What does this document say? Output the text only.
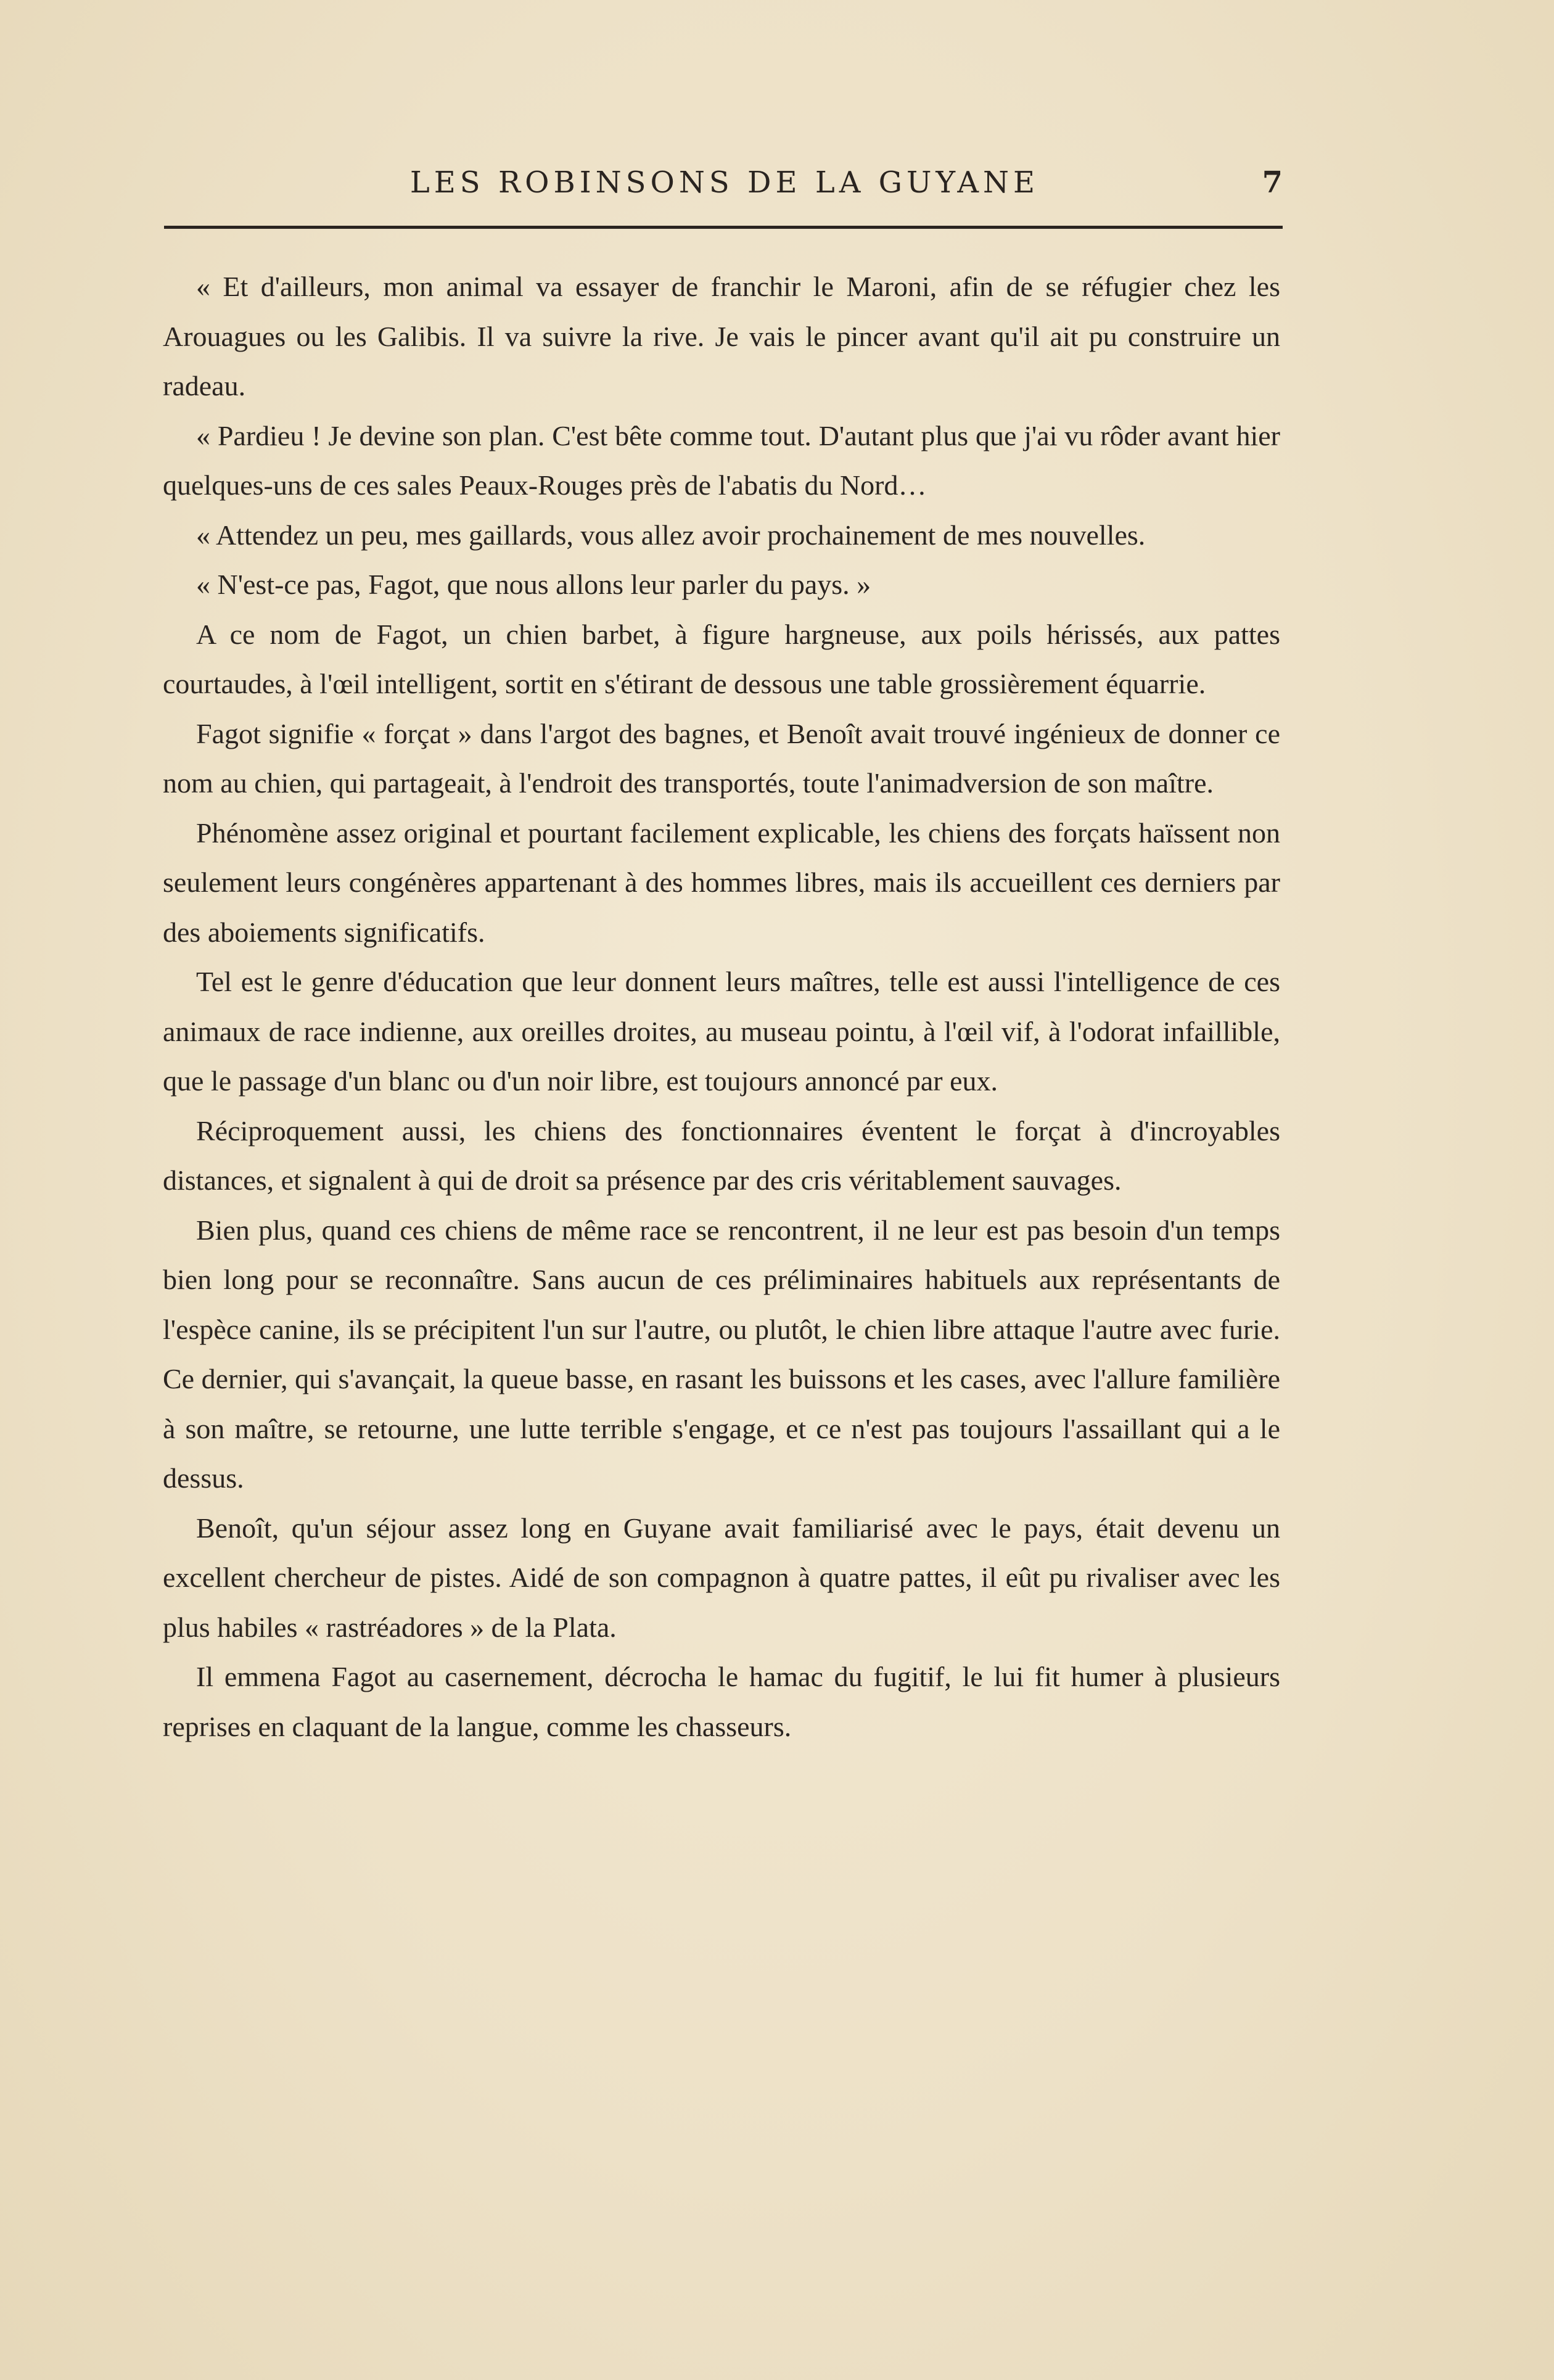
LES ROBINSONS DE LA GUYANE	7

« Et d'ailleurs, mon animal va essayer de franchir le Maroni, afin de se réfugier chez les Arouagues ou les Galibis. Il va suivre la rive. Je vais le pincer avant qu'il ait pu construire un radeau.

« Pardieu ! Je devine son plan. C'est bête comme tout. D'autant plus que j'ai vu rôder avant hier quelques-uns de ces sales Peaux-Rouges près de l'abatis du Nord…

« Attendez un peu, mes gaillards, vous allez avoir prochainement de mes nouvelles.

« N'est-ce pas, Fagot, que nous allons leur parler du pays. »

A ce nom de Fagot, un chien barbet, à figure hargneuse, aux poils hérissés, aux pattes courtaudes, à l'œil intelligent, sortit en s'étirant de dessous une table grossièrement équarrie.

Fagot signifie « forçat » dans l'argot des bagnes, et Benoît avait trouvé ingénieux de donner ce nom au chien, qui partageait, à l'endroit des transportés, toute l'animadversion de son maître.

Phénomène assez original et pourtant facilement explicable, les chiens des forçats haïssent non seulement leurs congénères appartenant à des hommes libres, mais ils accueillent ces derniers par des aboiements significatifs.

Tel est le genre d'éducation que leur donnent leurs maîtres, telle est aussi l'intelligence de ces animaux de race indienne, aux oreilles droites, au museau pointu, à l'œil vif, à l'odorat infaillible, que le passage d'un blanc ou d'un noir libre, est toujours annoncé par eux.

Réciproquement aussi, les chiens des fonctionnaires éventent le forçat à d'incroyables distances, et signalent à qui de droit sa présence par des cris véritablement sauvages.

Bien plus, quand ces chiens de même race se rencontrent, il ne leur est pas besoin d'un temps bien long pour se reconnaître. Sans aucun de ces préliminaires habituels aux représentants de l'espèce canine, ils se précipitent l'un sur l'autre, ou plutôt, le chien libre attaque l'autre avec furie. Ce dernier, qui s'avançait, la queue basse, en rasant les buissons et les cases, avec l'allure familière à son maître, se retourne, une lutte terrible s'engage, et ce n'est pas toujours l'assaillant qui a le dessus.

Benoît, qu'un séjour assez long en Guyane avait familiarisé avec le pays, était devenu un excellent chercheur de pistes. Aidé de son compagnon à quatre pattes, il eût pu rivaliser avec les plus habiles « rastréadores » de la Plata.

Il emmena Fagot au casernement, décrocha le hamac du fugitif, le lui fit humer à plusieurs reprises en claquant de la langue, comme les chasseurs.
